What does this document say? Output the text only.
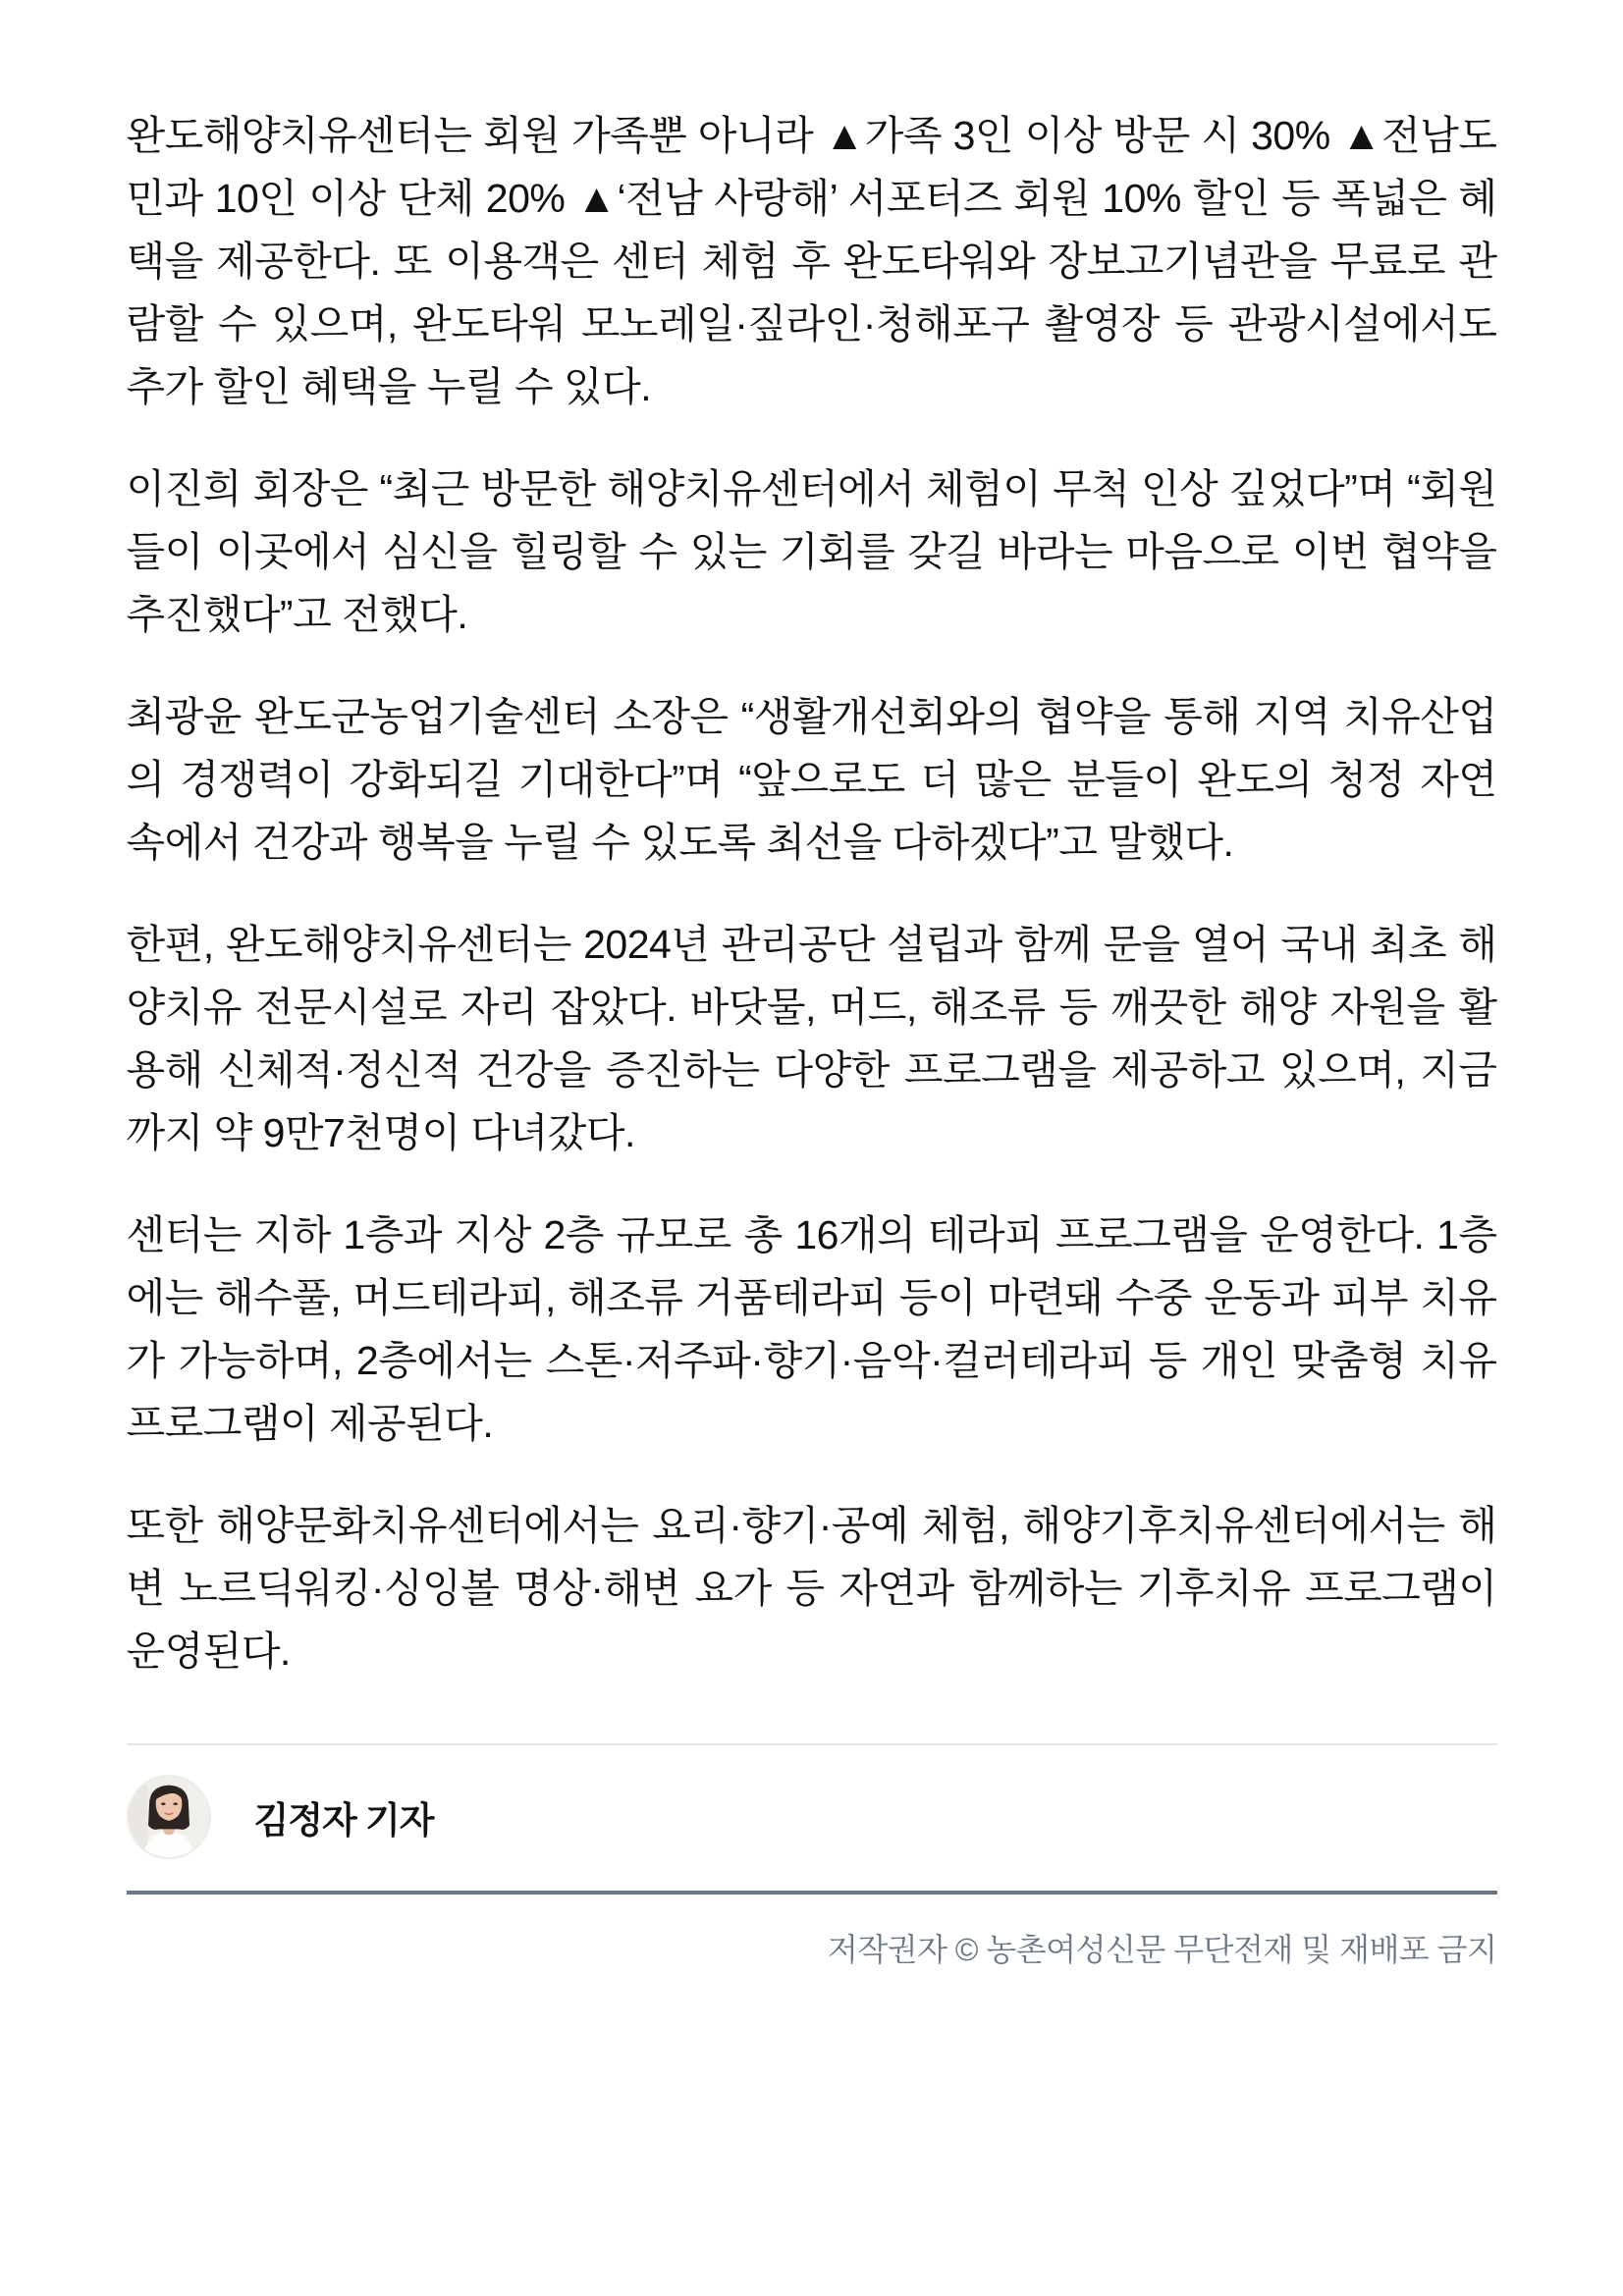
완도해양치유센터는 회원 가족뿐 아니라 ▲가족 3인 이상 방문 시 30% ▲전남도민과 10인 이상 단체 20% ▲‘전남 사랑해’ 서포터즈 회원 10% 할인 등 폭넓은 혜택을 제공한다. 또 이용객은 센터 체험 후 완도타워와 장보고기념관을 무료로 관람할 수 있으며, 완도타워 모노레일·짚라인·청해포구 촬영장 등 관광시설에서도 추가 할인 혜택을 누릴 수 있다.

이진희 회장은 “최근 방문한 해양치유센터에서 체험이 무척 인상 깊었다”며 “회원들이 이곳에서 심신을 힐링할 수 있는 기회를 갖길 바라는 마음으로 이번 협약을 추진했다”고 전했다.

최광윤 완도군농업기술센터 소장은 “생활개선회와의 협약을 통해 지역 치유산업의 경쟁력이 강화되길 기대한다”며 “앞으로도 더 많은 분들이 완도의 청정 자연 속에서 건강과 행복을 누릴 수 있도록 최선을 다하겠다”고 말했다.

한편, 완도해양치유센터는 2024년 관리공단 설립과 함께 문을 열어 국내 최초 해양치유 전문시설로 자리 잡았다. 바닷물, 머드, 해조류 등 깨끗한 해양 자원을 활용해 신체적·정신적 건강을 증진하는 다양한 프로그램을 제공하고 있으며, 지금까지 약 9만7천명이 다녀갔다.

센터는 지하 1층과 지상 2층 규모로 총 16개의 테라피 프로그램을 운영한다. 1층에는 해수풀, 머드테라피, 해조류 거품테라피 등이 마련돼 수중 운동과 피부 치유가 가능하며, 2층에서는 스톤·저주파·향기·음악·컬러테라피 등 개인 맞춤형 치유 프로그램이 제공된다.

또한 해양문화치유센터에서는 요리·향기·공예 체험, 해양기후치유센터에서는 해변 노르딕워킹·싱잉볼 명상·해변 요가 등 자연과 함께하는 기후치유 프로그램이 운영된다.

김정자 기자
저작권자 © 농촌여성신문 무단전재 및 재배포 금지
